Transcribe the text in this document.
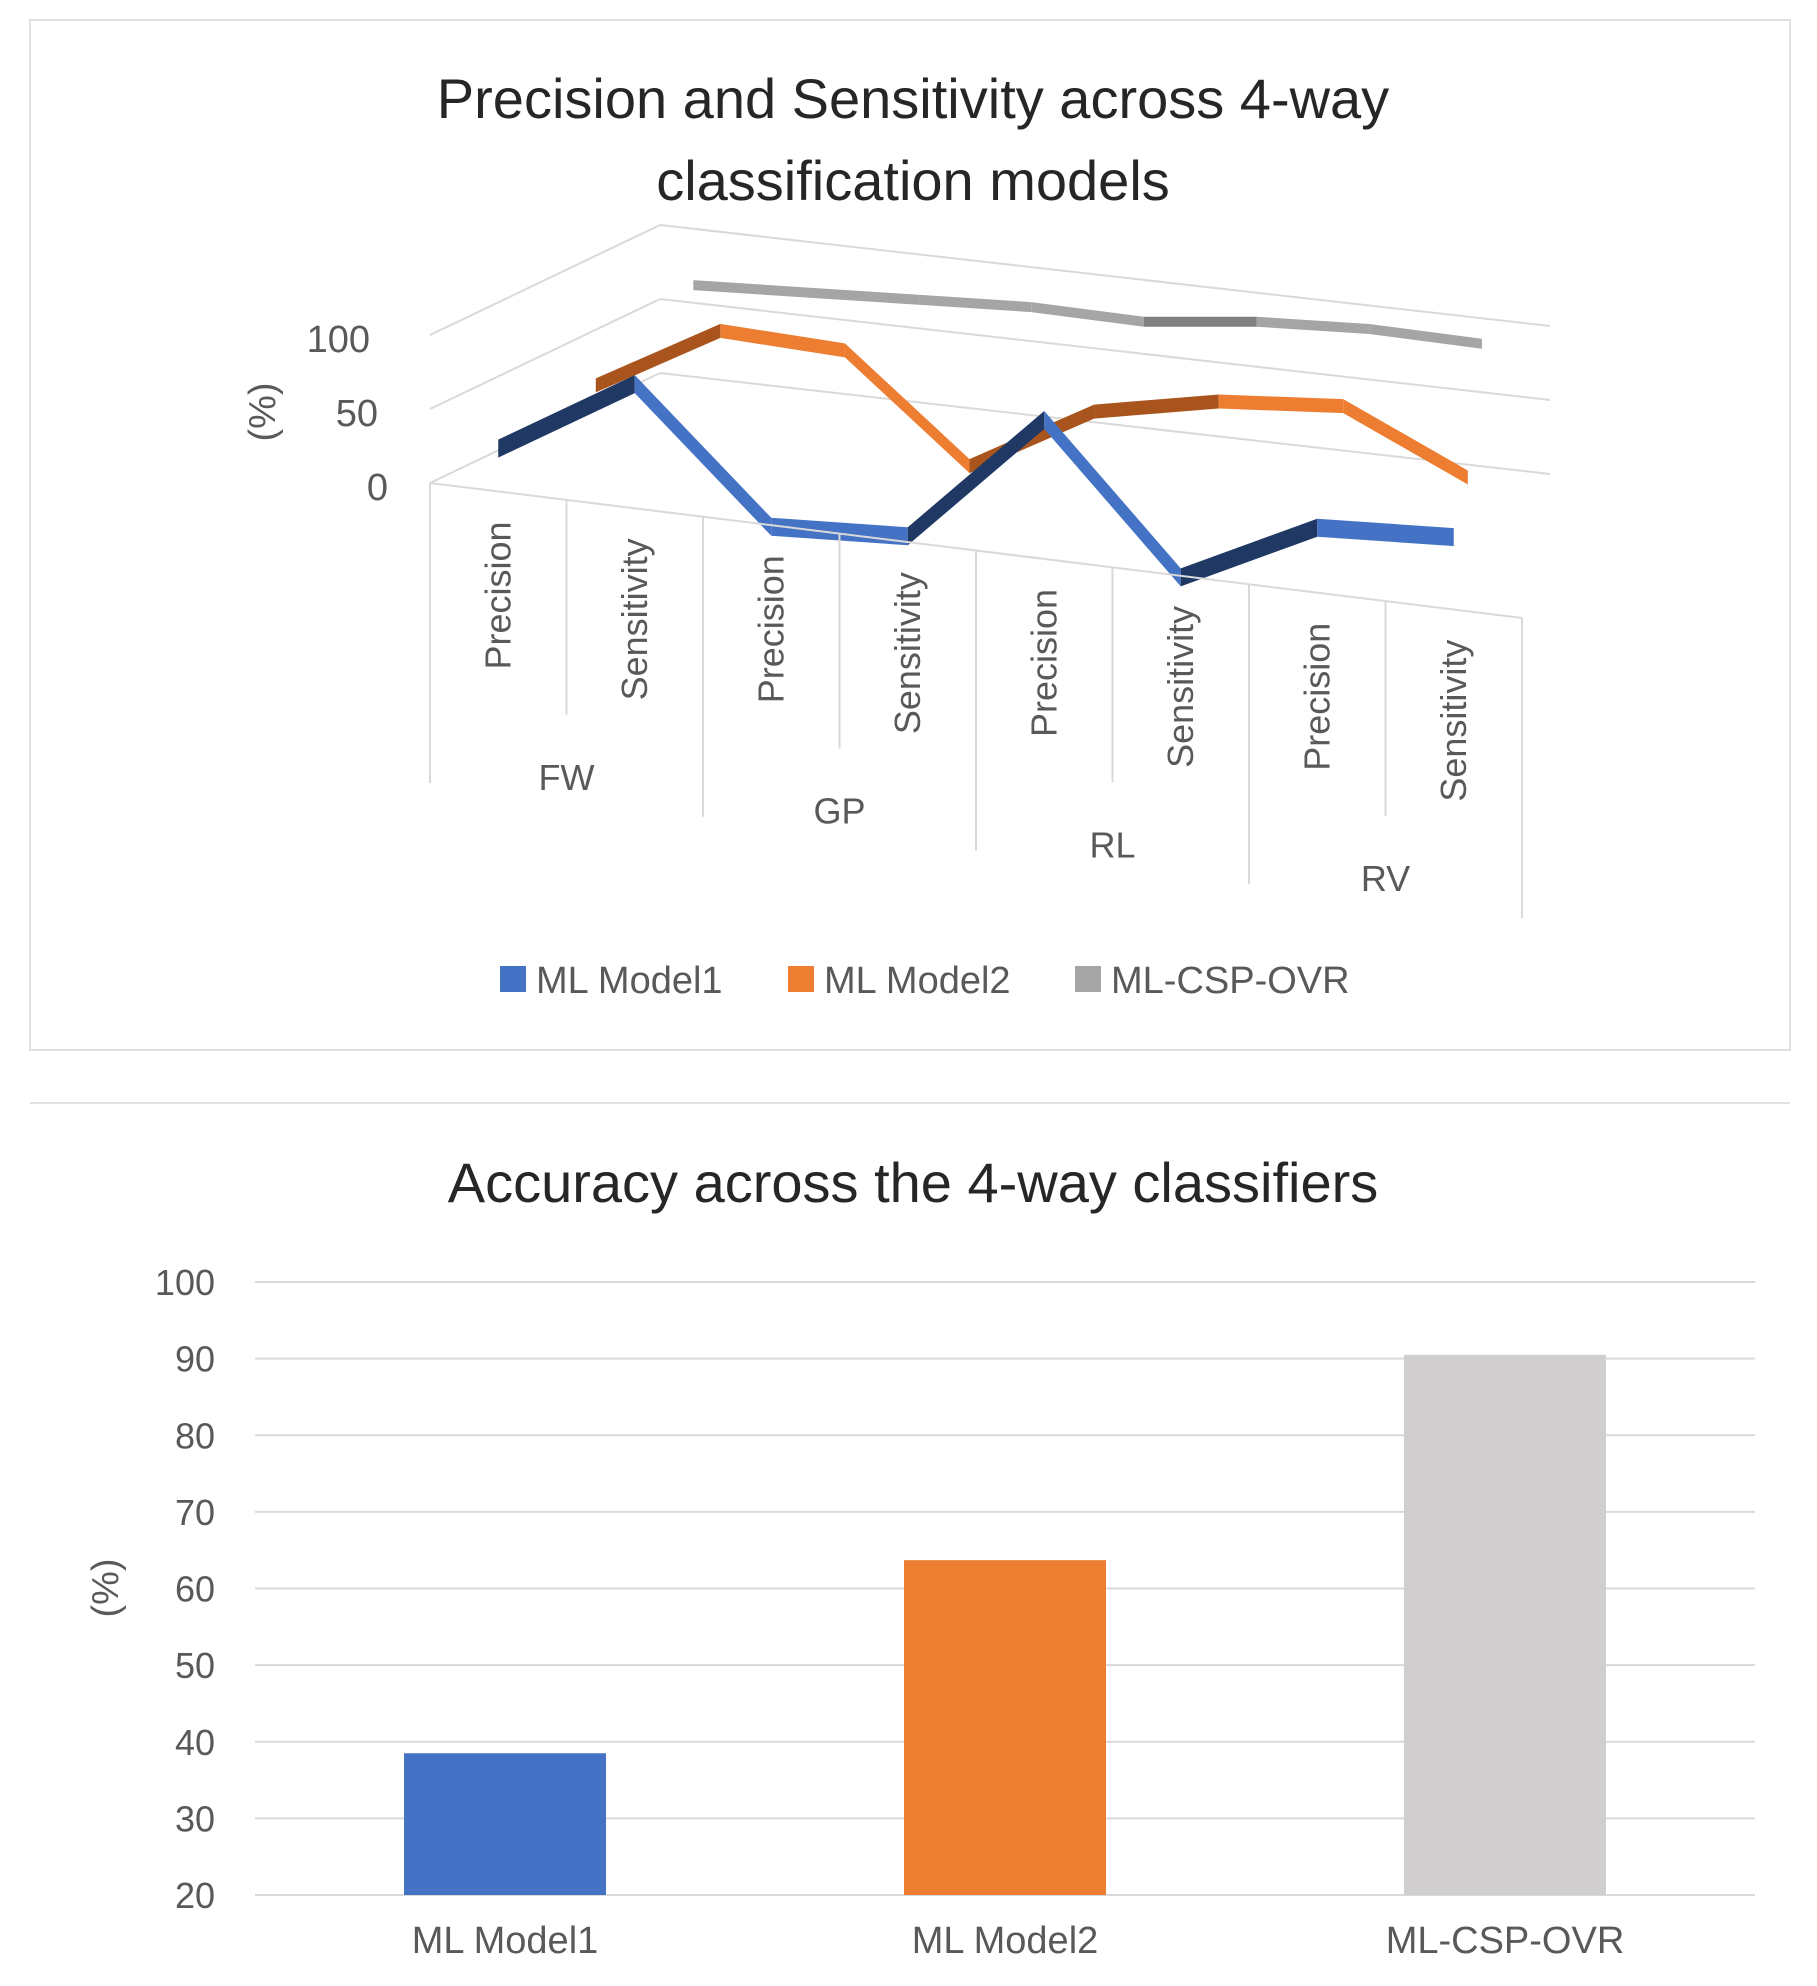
Precision and Sensitivity across 4-way
classification models
(%)
100
50
0
Precision	Sensitivity	Precision	Sensitivity	Precision	Sensitivity	Precision	Sensitivity
FW
GP
RL
RV
ML Model1	ML Model2	ML-CSP-OVR
Accuracy across the 4-way classifiers
(%)
20
30
40
50
60
70
80
90
100
ML Model1	ML Model2	ML-CSP-OVR
